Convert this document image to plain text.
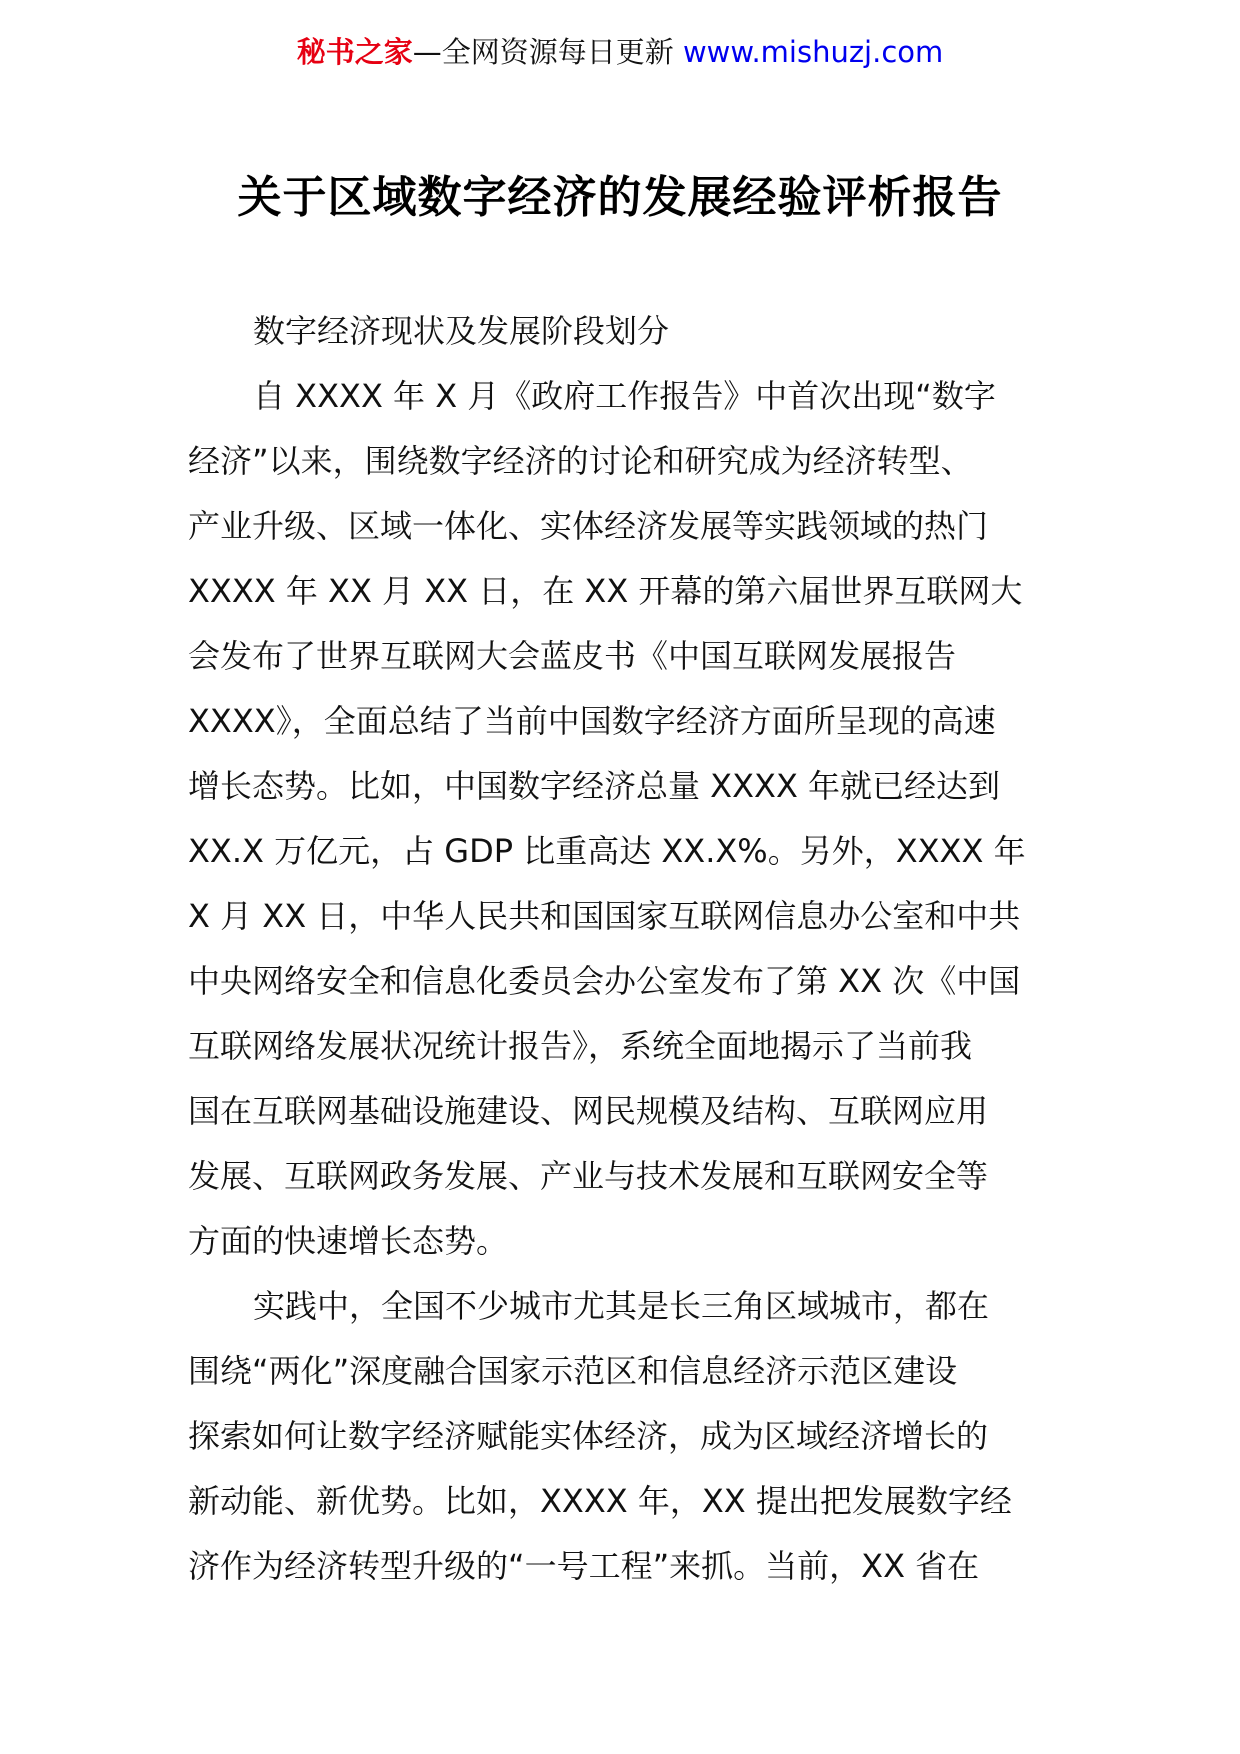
秘书之家—全网资源每日更新 www.mishuzj.com
关于区域数字经济的发展经验评析报告
数字经济现状及发展阶段划分
自 XXXX 年 X 月《政府工作报告》中首次出现“数字
经济”以来，围绕数字经济的讨论和研究成为经济转型、
产业升级、区域一体化、实体经济发展等实践领域的热门
XXXX 年 XX 月 XX 日，在 XX 开幕的第六届世界互联网大
会发布了世界互联网大会蓝皮书《中国互联网发展报告
XXXX》，全面总结了当前中国数字经济方面所呈现的高速
增长态势。比如，中国数字经济总量 XXXX 年就已经达到
XX.X 万亿元，占 GDP 比重高达 XX.X%。另外，XXXX 年
X 月 XX 日，中华人民共和国国家互联网信息办公室和中共
中央网络安全和信息化委员会办公室发布了第 XX 次《中国
互联网络发展状况统计报告》，系统全面地揭示了当前我
国在互联网基础设施建设、网民规模及结构、互联网应用
发展、互联网政务发展、产业与技术发展和互联网安全等
方面的快速增长态势。
实践中，全国不少城市尤其是长三角区域城市，都在
围绕“两化”深度融合国家示范区和信息经济示范区建设
探索如何让数字经济赋能实体经济，成为区域经济增长的
新动能、新优势。比如，XXXX 年，XX 提出把发展数字经
济作为经济转型升级的“一号工程”来抓。当前，XX 省在
